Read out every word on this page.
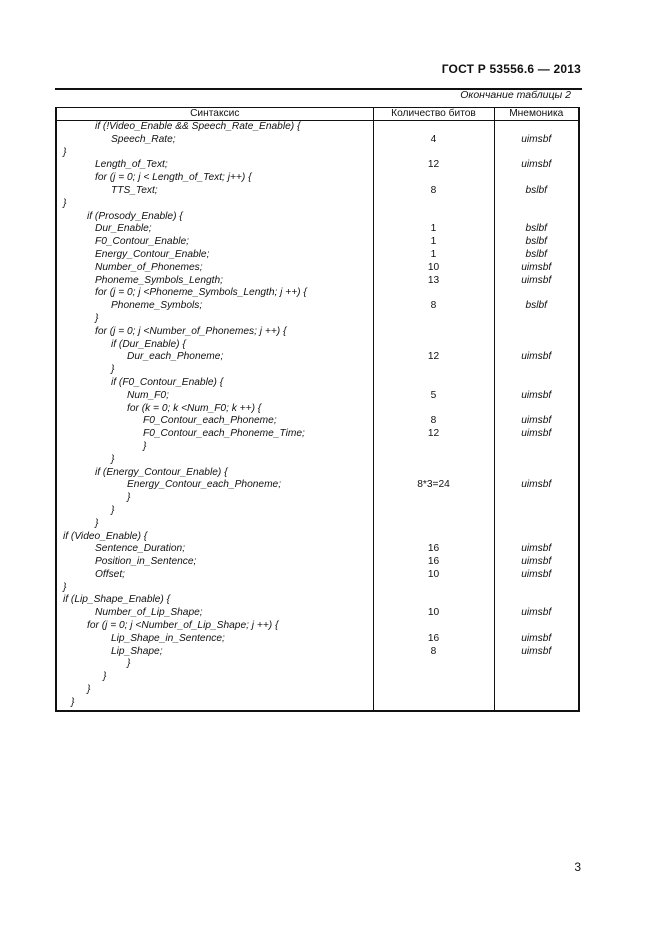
ГОСТ Р 53556.6 — 2013
Окончание таблицы 2
Синтаксис	Количество битов	Мнемоника
if (!Video_Enable && Speech_Rate_Enable) {		
Speech_Rate;	4	uimsbf
}		

Length_of_Text;	12	uimsbf

for (j = 0; j < Length_of_Text; j++) {		

TTS_Text;	8	bslbf
}		
if (Prosody_Enable) {		
Dur_Enable;	1	bslbf
F0_Contour_Enable;	1	bslbf
Energy_Contour_Enable;	1	bslbf
Number_of_Phonemes;	10	uimsbf
Phoneme_Symbols_Length;	13	uimsbf
for (j = 0; j <Phoneme_Symbols_Length; j ++) {		
Phoneme_Symbols;	8	bslbf
}		
for (j = 0; j <Number_of_Phonemes; j ++) {		
if (Dur_Enable) {		
Dur_each_Phoneme;	12	uimsbf
}		
if (F0_Contour_Enable) {		
Num_F0;	5	uimsbf
for (k = 0; k <Num_F0; k ++) {		
F0_Contour_each_Phoneme;	8	uimsbf
F0_Contour_each_Phoneme_Time;	12	uimsbf
}		
}		

if (Energy_Contour_Enable) {		
Energy_Contour_each_Phoneme;	8*3=24	uimsbf
}		
}		
}		
if (Video_Enable) {		
Sentence_Duration;	16	uimsbf
Position_in_Sentence;	16	uimsbf
Offset;	10	uimsbf
}		
if (Lip_Shape_Enable) {		

Number_of_Lip_Shape;	10	uimsbf

for (j = 0; j <Number_of_Lip_Shape; j ++) {		

Lip_Shape_in_Sentence;	16	uimsbf

Lip_Shape;	8	uimsbf

}		

}		

}		

}		
3
